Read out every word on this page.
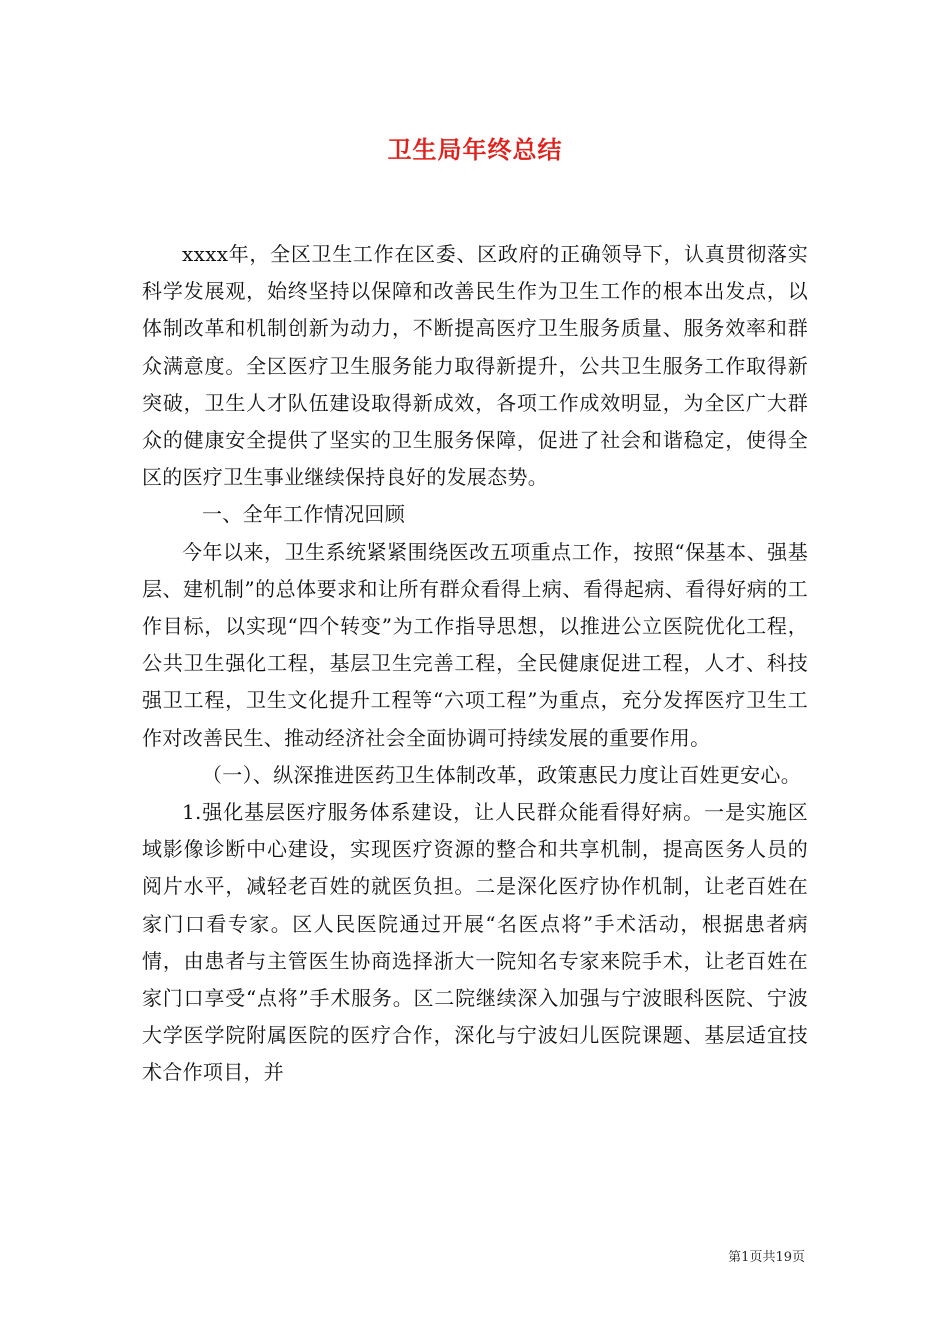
卫生局年终总结

xxxx年，全区卫生工作在区委、区政府的正确领导下，认真贯彻落实科学发展观，始终坚持以保障和改善民生作为卫生工作的根本出发点，以体制改革和机制创新为动力，不断提高医疗卫生服务质量、服务效率和群众满意度。全区医疗卫生服务能力取得新提升，公共卫生服务工作取得新突破，卫生人才队伍建设取得新成效，各项工作成效明显，为全区广大群众的健康安全提供了坚实的卫生服务保障，促进了社会和谐稳定，使得全区的医疗卫生事业继续保持良好的发展态势。

一、全年工作情况回顾

今年以来，卫生系统紧紧围绕医改五项重点工作，按照“保基本、强基层、建机制”的总体要求和让所有群众看得上病、看得起病、看得好病的工作目标，以实现“四个转变”为工作指导思想，以推进公立医院优化工程，公共卫生强化工程，基层卫生完善工程，全民健康促进工程，人才、科技强卫工程，卫生文化提升工程等“六项工程”为重点，充分发挥医疗卫生工作对改善民生、推动经济社会全面协调可持续发展的重要作用。

（一）、纵深推进医药卫生体制改革，政策惠民力度让百姓更安心。

1.强化基层医疗服务体系建设，让人民群众能看得好病。一是实施区域影像诊断中心建设，实现医疗资源的整合和共享机制，提高医务人员的阅片水平，减轻老百姓的就医负担。二是深化医疗协作机制，让老百姓在家门口看专家。区人民医院通过开展“名医点将”手术活动，根据患者病情，由患者与主管医生协商选择浙大一院知名专家来院手术，让老百姓在家门口享受“点将”手术服务。区二院继续深入加强与宁波眼科医院、宁波大学医学院附属医院的医疗合作，深化与宁波妇儿医院课题、基层适宜技术合作项目，并

第1页共19页
